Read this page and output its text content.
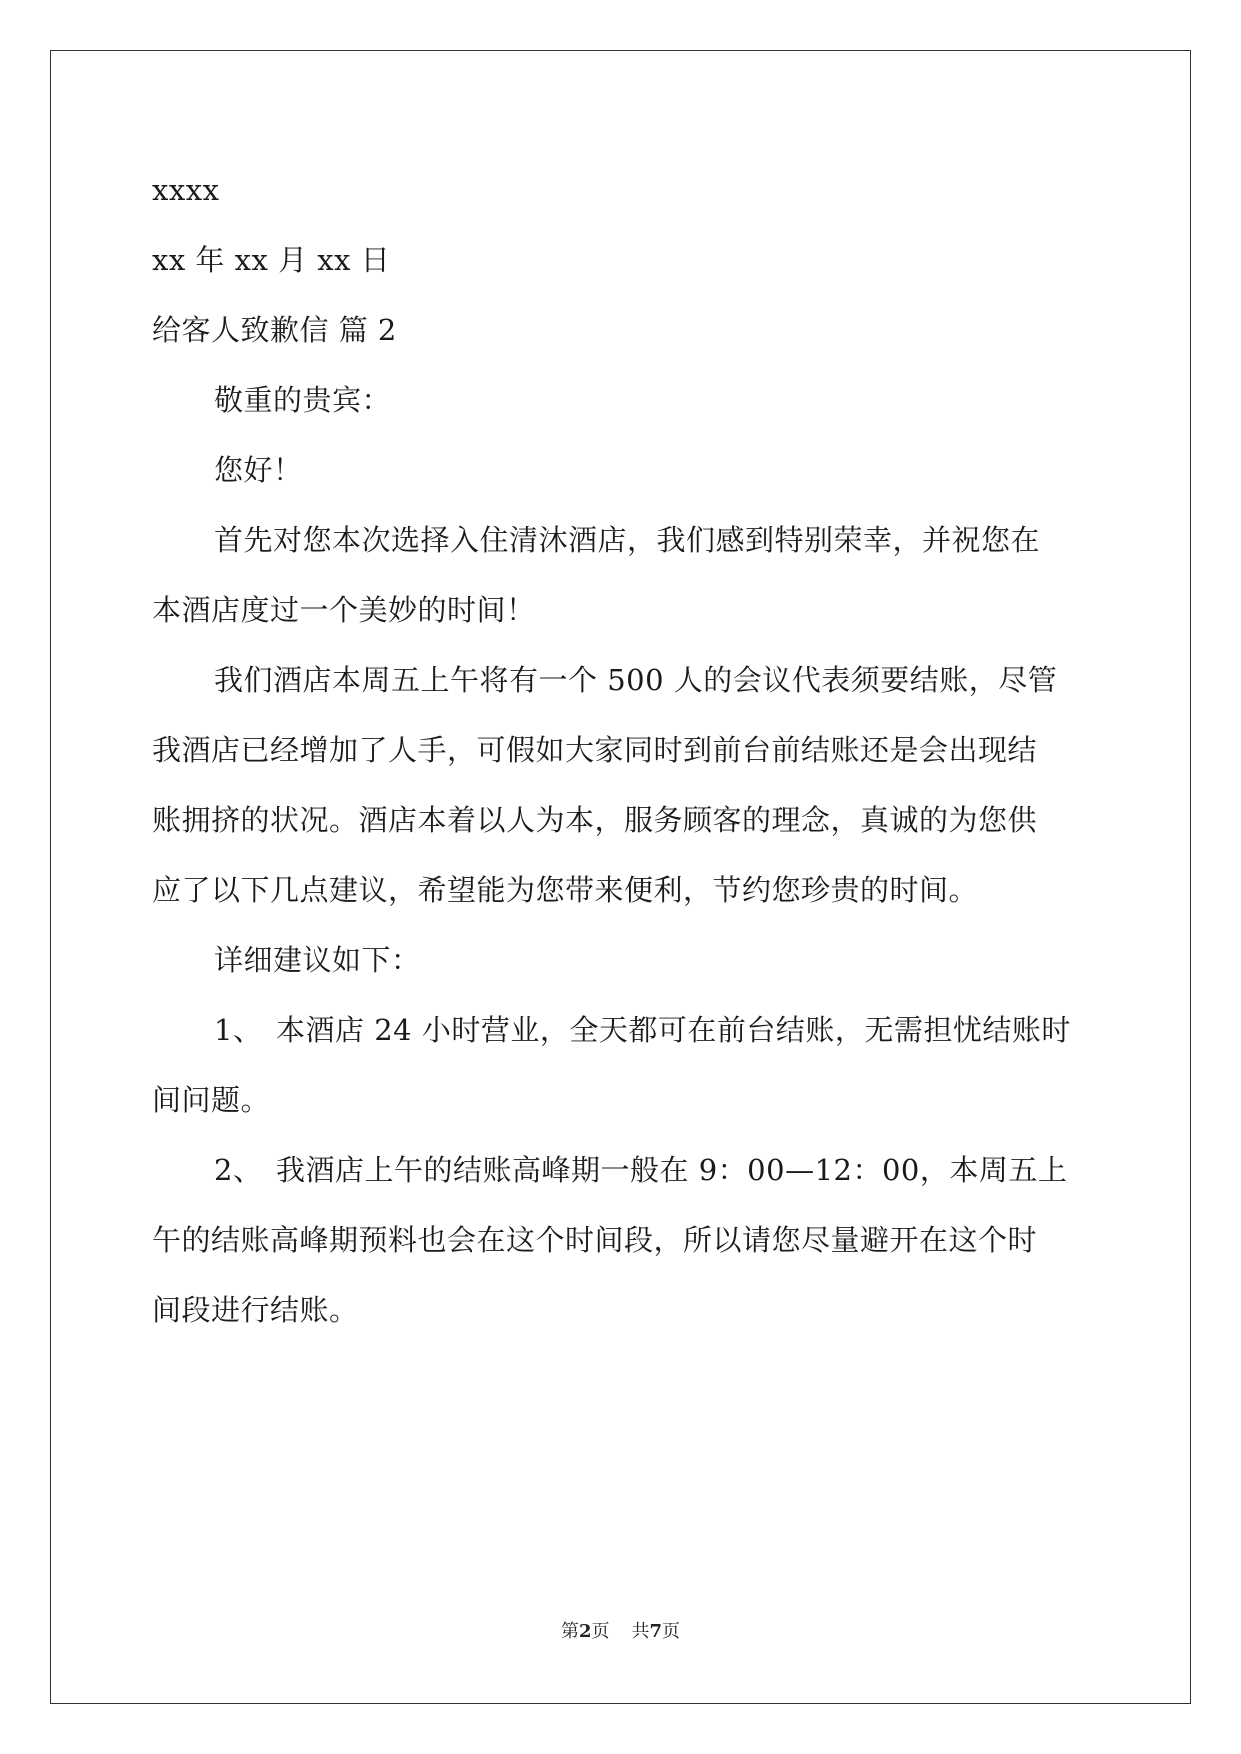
xxxx
xx 年 xx 月 xx 日
给客人致歉信 篇 2
敬重的贵宾：
您好！
首先对您本次选择入住清沐酒店，我们感到特别荣幸，并祝您在
本酒店度过一个美妙的时间！
我们酒店本周五上午将有一个 500 人的会议代表须要结账，尽管
我酒店已经增加了人手，可假如大家同时到前台前结账还是会出现结
账拥挤的状况。酒店本着以人为本，服务顾客的理念，真诚的为您供
应了以下几点建议，希望能为您带来便利，节约您珍贵的时间。
详细建议如下：
1、 本酒店 24 小时营业，全天都可在前台结账，无需担忧结账时
间问题。
2、 我酒店上午的结账高峰期一般在 9：00—12：00，本周五上
午的结账高峰期预料也会在这个时间段，所以请您尽量避开在这个时
间段进行结账。
第2页 共7页
